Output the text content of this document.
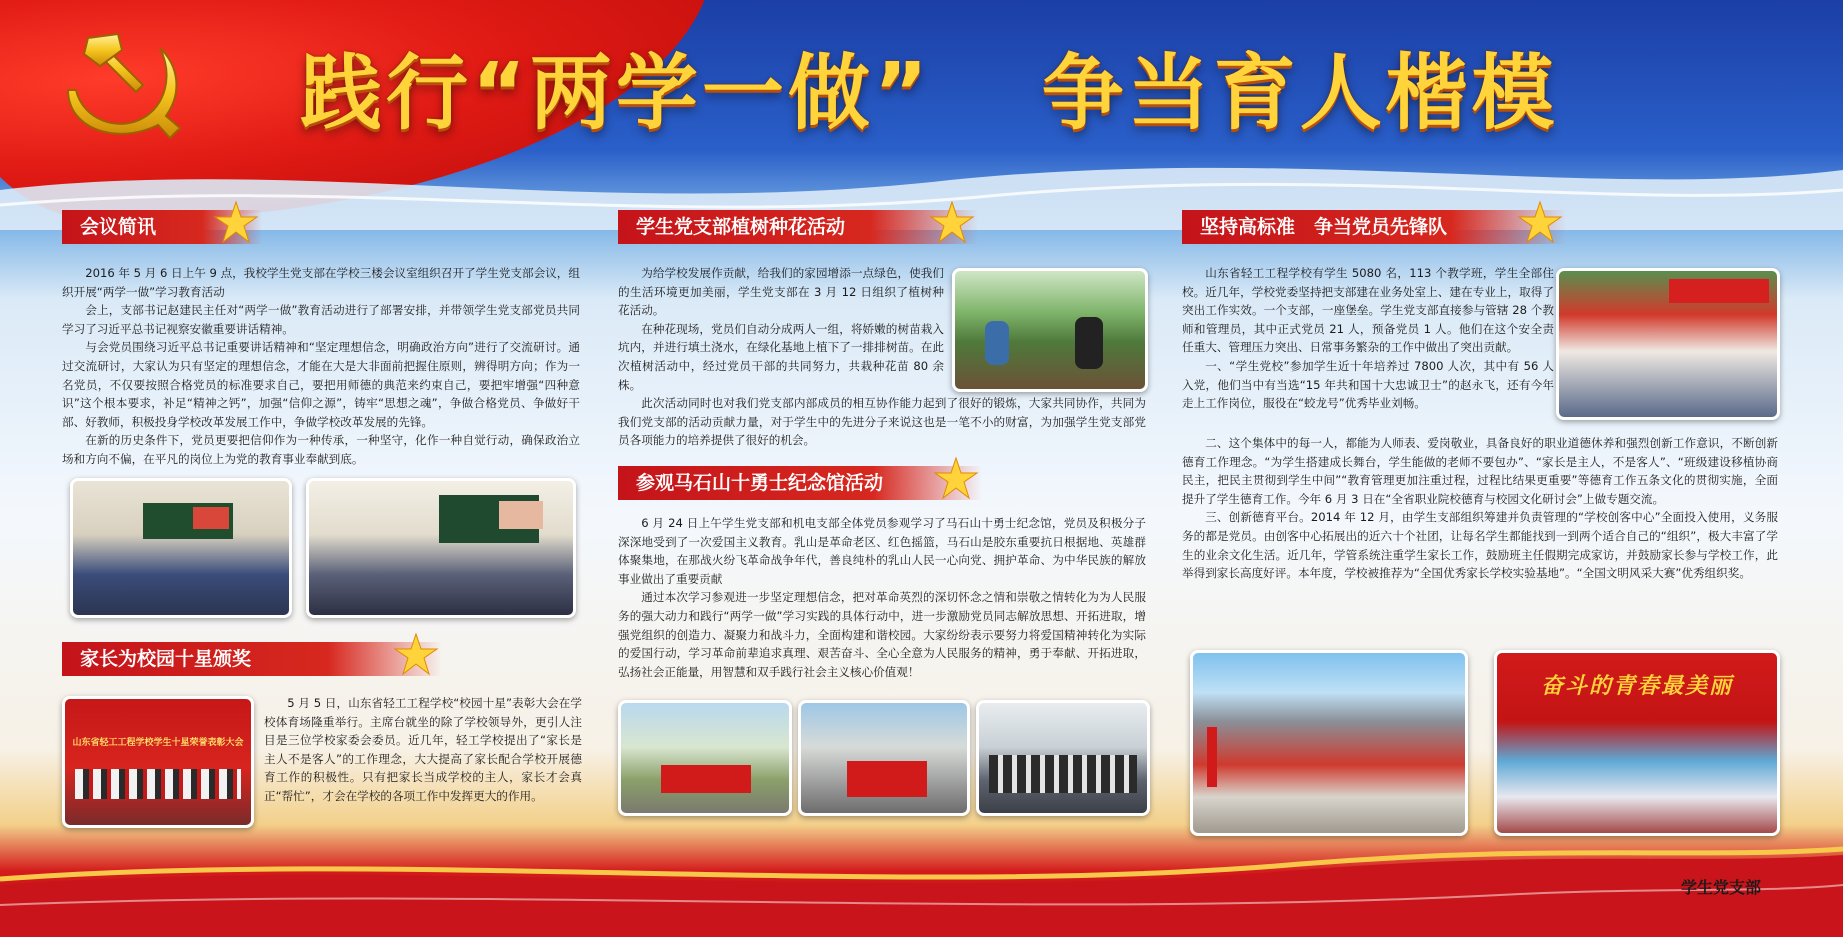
践行“两学一做” 争当育人楷模
会议简讯

2016 年 5 月 6 日上午 9 点，我校学生党支部在学校三楼会议室组织召开了学生党支部会议，组织开展“两学一做”学习教育活动

会上，支部书记赵建民主任对“两学一做”教育活动进行了部署安排，并带领学生党支部党员共同学习了习近平总书记视察安徽重要讲话精神。

与会党员围绕习近平总书记重要讲话精神和“坚定理想信念，明确政治方向”进行了交流研讨。通过交流研讨，大家认为只有坚定的理想信念，才能在大是大非面前把握住原则，辨得明方向；作为一名党员，不仅要按照合格党员的标准要求自己，要把用师德的典范来约束自己，要把牢增强“四种意识”这个根本要求，补足“精神之钙”，加强“信仰之源”，铸牢“思想之魂”，争做合格党员、争做好干部、好教师，积极投身学校改革发展工作中，争做学校改革发展的先锋。

在新的历史条件下，党员更要把信仰作为一种传承，一种坚守，化作一种自觉行动，确保政治立场和方向不偏，在平凡的岗位上为党的教育事业奉献到底。

家长为校园十星颁奖
山东省轻工工程学校学生十星荣誉表彰大会

5 月 5 日，山东省轻工工程学校“校园十星”表彰大会在学校体育场隆重举行。主席台就坐的除了学校领导外，更引人注目是三位学校家委会委员。近几年，轻工学校提出了“家长是主人不是客人”的工作理念，大大提高了家长配合学校开展德育工作的积极性。只有把家长当成学校的主人，家长才会真正“帮忙”，才会在学校的各项工作中发挥更大的作用。

学生党支部植树种花活动

为给学校发展作贡献，给我们的家园增添一点绿色，使我们的生活环境更加美丽，学生党支部在 3 月 12 日组织了植树种花活动。

在种花现场，党员们自动分成两人一组，将娇嫩的树苗栽入坑内，并进行填土浇水，在绿化基地上植下了一排排树苗。在此次植树活动中，经过党员干部的共同努力，共栽种花苗 80 余株。

此次活动同时也对我们党支部内部成员的相互协作能力起到了很好的锻炼，大家共同协作，共同为我们党支部的活动贡献力量，对于学生中的先进分子来说这也是一笔不小的财富，为加强学生党支部党员各项能力的培养提供了很好的机会。

参观马石山十勇士纪念馆活动

6 月 24 日上午学生党支部和机电支部全体党员参观学习了马石山十勇士纪念馆，党员及积极分子深深地受到了一次爱国主义教育。乳山是革命老区、红色摇篮，马石山是胶东重要抗日根据地、英雄群体聚集地，在那战火纷飞革命战争年代，善良纯朴的乳山人民一心向党、拥护革命、为中华民族的解放事业做出了重要贡献

通过本次学习参观进一步坚定理想信念，把对革命英烈的深切怀念之情和崇敬之情转化为为人民服务的强大动力和践行“两学一做”学习实践的具体行动中，进一步激励党员同志解放思想、开拓进取，增强党组织的创造力、凝聚力和战斗力，全面构建和谐校园。大家纷纷表示要努力将爱国精神转化为实际的爱国行动，学习革命前辈追求真理、艰苦奋斗、全心全意为人民服务的精神，勇于奉献、开拓进取，弘扬社会正能量，用智慧和双手践行社会主义核心价值观！

坚持高标准　争当党员先锋队

山东省轻工工程学校有学生 5080 名，113 个教学班，学生全部住校。近几年，学校党委坚持把支部建在业务处室上、建在专业上，取得了突出工作实效。一个支部，一座堡垒。学生党支部直接参与管辖 28 个教师和管理员，其中正式党员 21 人，预备党员 1 人。他们在这个安全责任重大、管理压力突出、日常事务繁杂的工作中做出了突出贡献。

一、“学生党校”参加学生近十年培养过 7800 人次，其中有 56 人入党，他们当中有当选“15 年共和国十大忠诚卫士”的赵永飞，还有今年走上工作岗位，服役在“蛟龙号”优秀毕业刘畅。

二、这个集体中的每一人，都能为人师表、爱岗敬业，具备良好的职业道德休养和强烈创新工作意识，不断创新德育工作理念。“为学生搭建成长舞台，学生能做的老师不要包办”、“家长是主人，不是客人”、“班级建设移植协商民主，把民主贯彻到学生中间”“教育管理更加注重过程，过程比结果更重要”等德育工作五条文化的贯彻实施，全面提升了学生德育工作。今年 6 月 3 日在“全省职业院校德育与校园文化研讨会”上做专题交流。

三、创新德育平台。2014 年 12 月，由学生支部组织筹建并负责管理的“学校创客中心”全面投入使用，义务服务的都是党员。由创客中心拓展出的近六十个社团，让每名学生都能找到一到两个适合自己的“组织”，极大丰富了学生的业余文化生活。近几年，学管系统注重学生家长工作，鼓励班主任假期完成家访，并鼓励家长参与学校工作，此举得到家长高度好评。本年度，学校被推荐为“全国优秀家长学校实验基地”。“全国文明风采大赛”优秀组织奖。

奋斗的青春最美丽
学生党支部
